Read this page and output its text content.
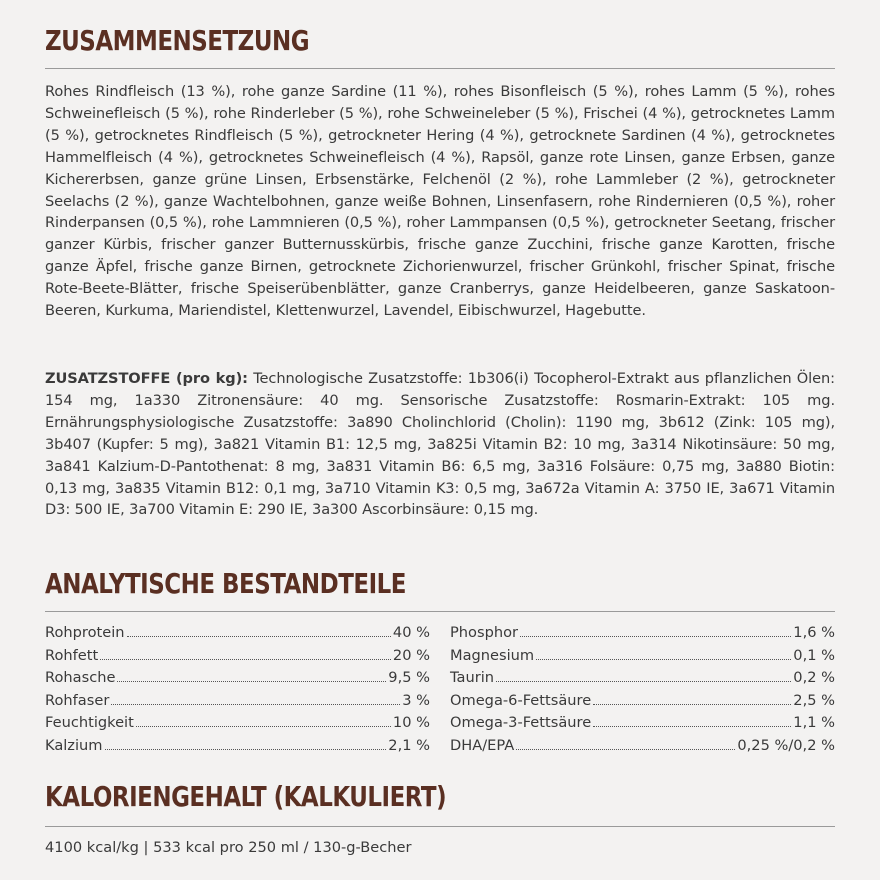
ZUSAMMENSETZUNG

Rohes Rindfleisch (13 %), rohe ganze Sardine (11 %), rohes Bisonfleisch (5 %), rohes Lamm (5 %), rohes Schweinefleisch (5 %), rohe Rinderleber (5 %), rohe Schweineleber (5 %), Frischei (4 %), getrocknetes Lamm (5 %), getrocknetes Rindfleisch (5 %), getrockneter Hering (4 %), getrocknete Sardinen (4 %), getrocknetes Hammelfleisch (4 %), getrocknetes Schweinefleisch (4 %), Rapsöl, ganze rote Linsen, ganze Erbsen, ganze Kichererbsen, ganze grüne Linsen, Erbsenstärke, Felchenöl (2 %), rohe Lammleber (2 %), getrockneter Seelachs (2 %), ganze Wachtelbohnen, ganze weiße Bohnen, Linsenfasern, rohe Rindernieren (0,5 %), roher Rinderpansen (0,5 %), rohe Lammnieren (0,5 %), roher Lammpansen (0,5 %), getrockneter Seetang, frischer ganzer Kürbis, frischer ganzer Butternusskürbis, frische ganze Zucchini, frische ganze Karotten, frische ganze Äpfel, frische ganze Birnen, getrocknete Zichorienwurzel, frischer Grünkohl, frischer Spinat, frische Rote-Beete-Blätter, frische Speiserübenblätter, ganze Cranberrys, ganze Heidelbeeren, ganze Saskatoon-Beeren, Kurkuma, Mariendistel, Klettenwurzel, Lavendel, Eibischwurzel, Hagebutte.

ZUSATZSTOFFE (pro kg): Technologische Zusatzstoffe: 1b306(i) Tocopherol-Extrakt aus pflanzlichen Ölen: 154 mg, 1a330 Zitronensäure: 40 mg. Sensorische Zusatzstoffe: Rosmarin-Extrakt: 105 mg. Ernährungsphysiologische Zusatzstoffe: 3a890 Cholinchlorid (Cholin): 1190 mg, 3b612 (Zink: 105 mg), 3b407 (Kupfer: 5 mg), 3a821 Vitamin B1: 12,5 mg, 3a825i Vitamin B2: 10 mg, 3a314 Nikotinsäure: 50 mg, 3a841 Kalzium-D-Pantothenat: 8 mg, 3a831 Vitamin B6: 6,5 mg, 3a316 Folsäure: 0,75 mg, 3a880 Biotin: 0,13 mg, 3a835 Vitamin B12: 0,1 mg, 3a710 Vitamin K3: 0,5 mg, 3a672a Vitamin A: 3750 IE, 3a671 Vitamin D3: 500 IE, 3a700 Vitamin E: 290 IE, 3a300 Ascorbinsäure: 0,15 mg.

ANALYTISCHE BESTANDTEILE
Rohprotein	40 %
Rohfett	20 %
Rohasche	9,5 %
Rohfaser	3 %
Feuchtigkeit	10 %
Kalzium	2,1 %
Phosphor	1,6 %
Magnesium	0,1 %
Taurin	0,2 %
Omega-6-Fettsäure	2,5 %
Omega-3-Fettsäure	1,1 %
DHA/EPA	0,25 %/0,2 %
KALORIENGEHALT (KALKULIERT)
4100 kcal/kg | 533 kcal pro 250 ml / 130-g-Becher
